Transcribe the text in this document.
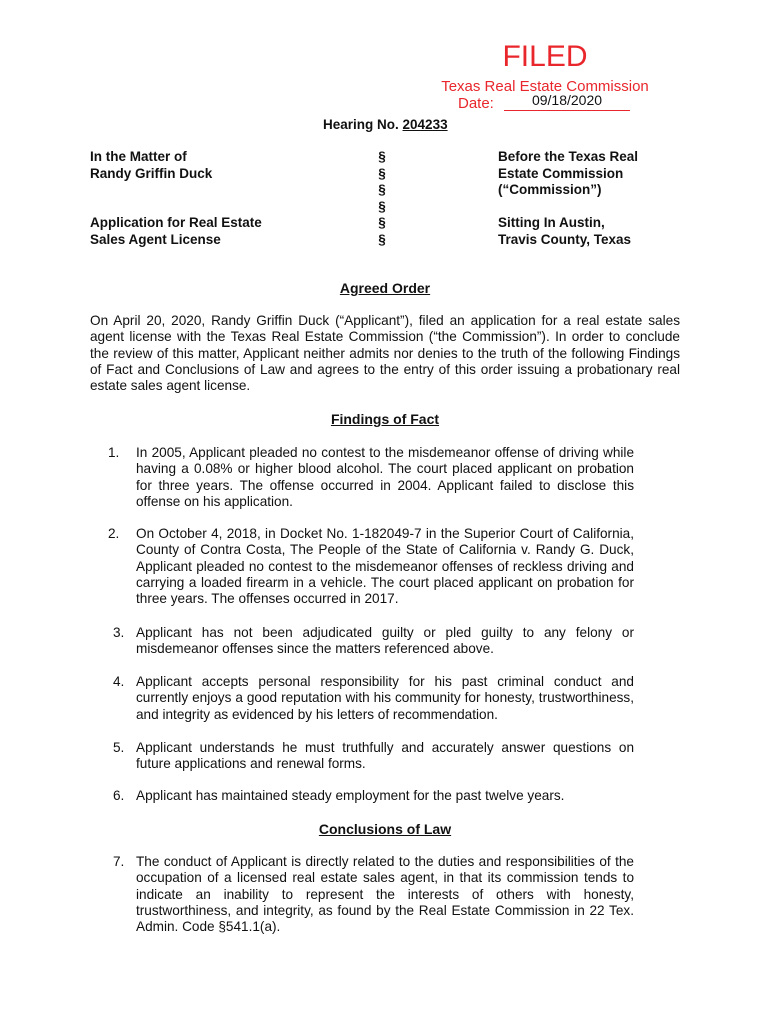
FILED
Texas Real Estate Commission
Date:	09/18/2020
Hearing No. 204233
In the Matter of
Randy Griffin Duck
Application for Real Estate
Sales Agent License
§
§
§
§
§
§
Before the Texas Real
Estate Commission
(“Commission”)
Sitting In Austin,
Travis County, Texas
Agreed Order
On April 20, 2020, Randy Griffin Duck (“Applicant”), filed an application for a real estate sales agent license with the Texas Real Estate Commission (“the Commission”). In order to conclude the review of this matter, Applicant neither admits nor denies to the truth of the following Findings of Fact and Conclusions of Law and agrees to the entry of this order issuing a probationary real estate sales agent license.
Findings of Fact
1. In 2005, Applicant pleaded no contest to the misdemeanor offense of driving while having a 0.08% or higher blood alcohol. The court placed applicant on probation for three years. The offense occurred in 2004. Applicant failed to disclose this offense on his application.
2. On October 4, 2018, in Docket No. 1-182049-7 in the Superior Court of California, County of Contra Costa, The People of the State of California v. Randy G. Duck, Applicant pleaded no contest to the misdemeanor offenses of reckless driving and carrying a loaded firearm in a vehicle. The court placed applicant on probation for three years. The offenses occurred in 2017.
3. Applicant has not been adjudicated guilty or pled guilty to any felony or misdemeanor offenses since the matters referenced above.
4. Applicant accepts personal responsibility for his past criminal conduct and currently enjoys a good reputation with his community for honesty, trustworthiness, and integrity as evidenced by his letters of recommendation.
5. Applicant understands he must truthfully and accurately answer questions on future applications and renewal forms.
6. Applicant has maintained steady employment for the past twelve years.
Conclusions of Law
7. The conduct of Applicant is directly related to the duties and responsibilities of the occupation of a licensed real estate sales agent, in that its commission tends to indicate an inability to represent the interests of others with honesty, trustworthiness, and integrity, as found by the Real Estate Commission in 22 Tex. Admin. Code §541.1(a).
